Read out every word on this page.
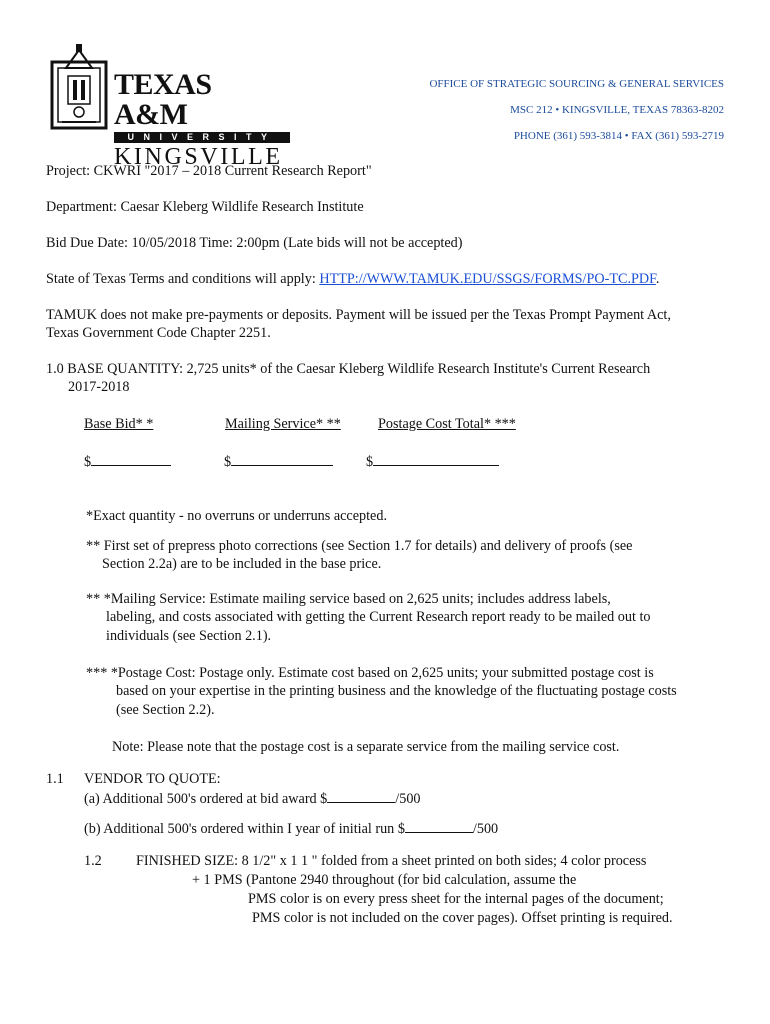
TEXAS A&M
UNIVERSITY
KINGSVILLE
OFFICE OF STRATEGIC SOURCING & GENERAL SERVICES
MSC 212 • KINGSVILLE, TEXAS 78363-8202
PHONE (361) 593-3814 • FAX (361) 593-2719
Project: CKWRI "2017 – 2018 Current Research Report"
Department: Caesar Kleberg Wildlife Research Institute
Bid Due Date: 10/05/2018 Time: 2:00pm (Late bids will not be accepted)
State of Texas Terms and conditions will apply: HTTP://WWW.TAMUK.EDU/SSGS/FORMS/PO-TC.PDF.
TAMUK does not make pre-payments or deposits. Payment will be issued per the Texas Prompt Payment Act,
Texas Government Code Chapter 2251.
1.0 BASE QUANTITY: 2,725 units* of the Caesar Kleberg Wildlife Research Institute's Current Research
2017-2018
Base Bid* *	Mailing Service* **	Postage Cost Total* ***
$	$	$
*Exact quantity - no overruns or underruns accepted.
** First set of prepress photo corrections (see Section 1.7 for details) and delivery of proofs (see
Section 2.2a) are to be included in the base price.
** *Mailing Service: Estimate mailing service based on 2,625 units; includes address labels,
labeling, and costs associated with getting the Current Research report ready to be mailed out to
individuals (see Section 2.1).
*** *Postage Cost: Postage only. Estimate cost based on 2,625 units; your submitted postage cost is
based on your expertise in the printing business and the knowledge of the fluctuating postage costs
(see Section 2.2).
Note: Please note that the postage cost is a separate service from the mailing service cost.
1.1 VENDOR TO QUOTE:
(a) Additional 500's ordered at bid award $	/500
(b) Additional 500's ordered within I year of initial run $	/500
1.2 FINISHED SIZE: 8 1/2" x 1 1 " folded from a sheet printed on both sides; 4 color process
+ 1 PMS (Pantone 2940 throughout (for bid calculation, assume the
PMS color is on every press sheet for the internal pages of the document;
PMS color is not included on the cover pages). Offset printing is required.
